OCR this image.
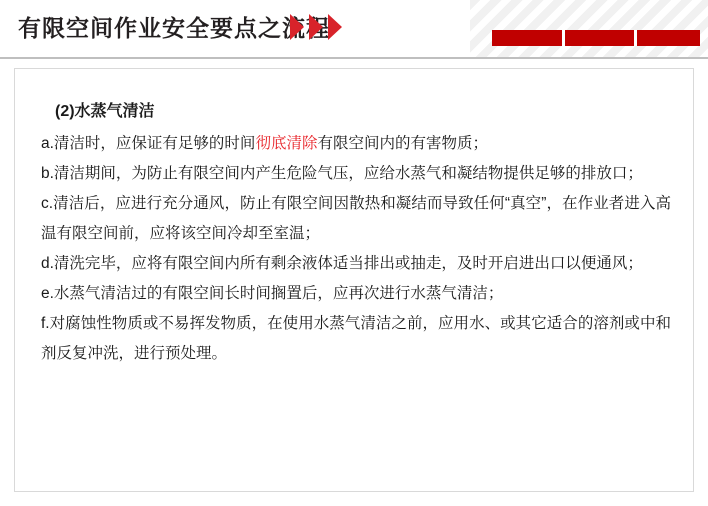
有限空间作业安全要点之流程
(2)水蒸气清洁

a.清洁时，应保证有足够的时间彻底清除有限空间内的有害物质；

b.清洁期间，为防止有限空间内产生危险气压，应给水蒸气和凝结物提供足够的排放口；

c.清洁后，应进行充分通风，防止有限空间因散热和凝结而导致任何“真空”，在作业者进入高温有限空间前，应将该空间冷却至室温；

d.清洗完毕，应将有限空间内所有剩余液体适当排出或抽走，及时开启进出口以便通风；

e.水蒸气清洁过的有限空间长时间搁置后，应再次进行水蒸气清洁；

f.对腐蚀性物质或不易挥发物质，在使用水蒸气清洁之前，应用水、或其它适合的溶剂或中和剂反复冲洗，进行预处理。
